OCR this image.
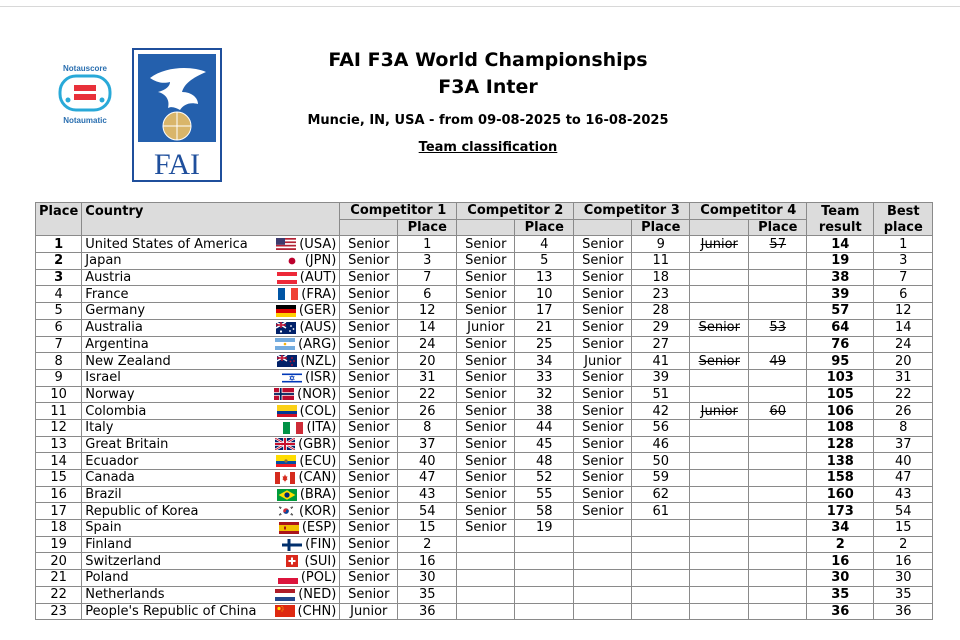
Notauscore
Notaumatic
FAI
FAI F3A World Championships
F3A Inter
Muncie, IN, USA - from 09-08-2025 to 16-08-2025
Team classification
Place	Country		Competitor 1		Competitor 2		Competitor 3		Competitor 4		Team	Best
				Place		Place		Place		Place	result	place
1	United States of America	(USA)	Senior	1	Senior	4	Senior	9	Junior	57	14	1
2	Japan	(JPN)	Senior	3	Senior	5	Senior	11			19	3
3	Austria	(AUT)	Senior	7	Senior	13	Senior	18			38	7
4	France	(FRA)	Senior	6	Senior	10	Senior	23			39	6
5	Germany	(GER)	Senior	12	Senior	17	Senior	28			57	12
6	Australia	(AUS)	Senior	14	Junior	21	Senior	29	Senior	53	64	14
7	Argentina	(ARG)	Senior	24	Senior	25	Senior	27			76	24
8	New Zealand	(NZL)	Senior	20	Senior	34	Junior	41	Senior	49	95	20
9	Israel	(ISR)	Senior	31	Senior	33	Senior	39			103	31
10	Norway	(NOR)	Senior	22	Senior	32	Senior	51			105	22
11	Colombia	(COL)	Senior	26	Senior	38	Senior	42	Junior	60	106	26
12	Italy	(ITA)	Senior	8	Senior	44	Senior	56			108	8
13	Great Britain	(GBR)	Senior	37	Senior	45	Senior	46			128	37
14	Ecuador	(ECU)	Senior	40	Senior	48	Senior	50			138	40
15	Canada	(CAN)	Senior	47	Senior	52	Senior	59			158	47
16	Brazil	(BRA)	Senior	43	Senior	55	Senior	62			160	43
17	Republic of Korea	(KOR)	Senior	54	Senior	58	Senior	61			173	54
18	Spain	(ESP)	Senior	15	Senior	19					34	15
19	Finland	(FIN)	Senior	2							2	2
20	Switzerland	(SUI)	Senior	16							16	16
21	Poland	(POL)	Senior	30							30	30
22	Netherlands	(NED)	Senior	35							35	35
23	People's Republic of China	(CHN)	Junior	36							36	36
